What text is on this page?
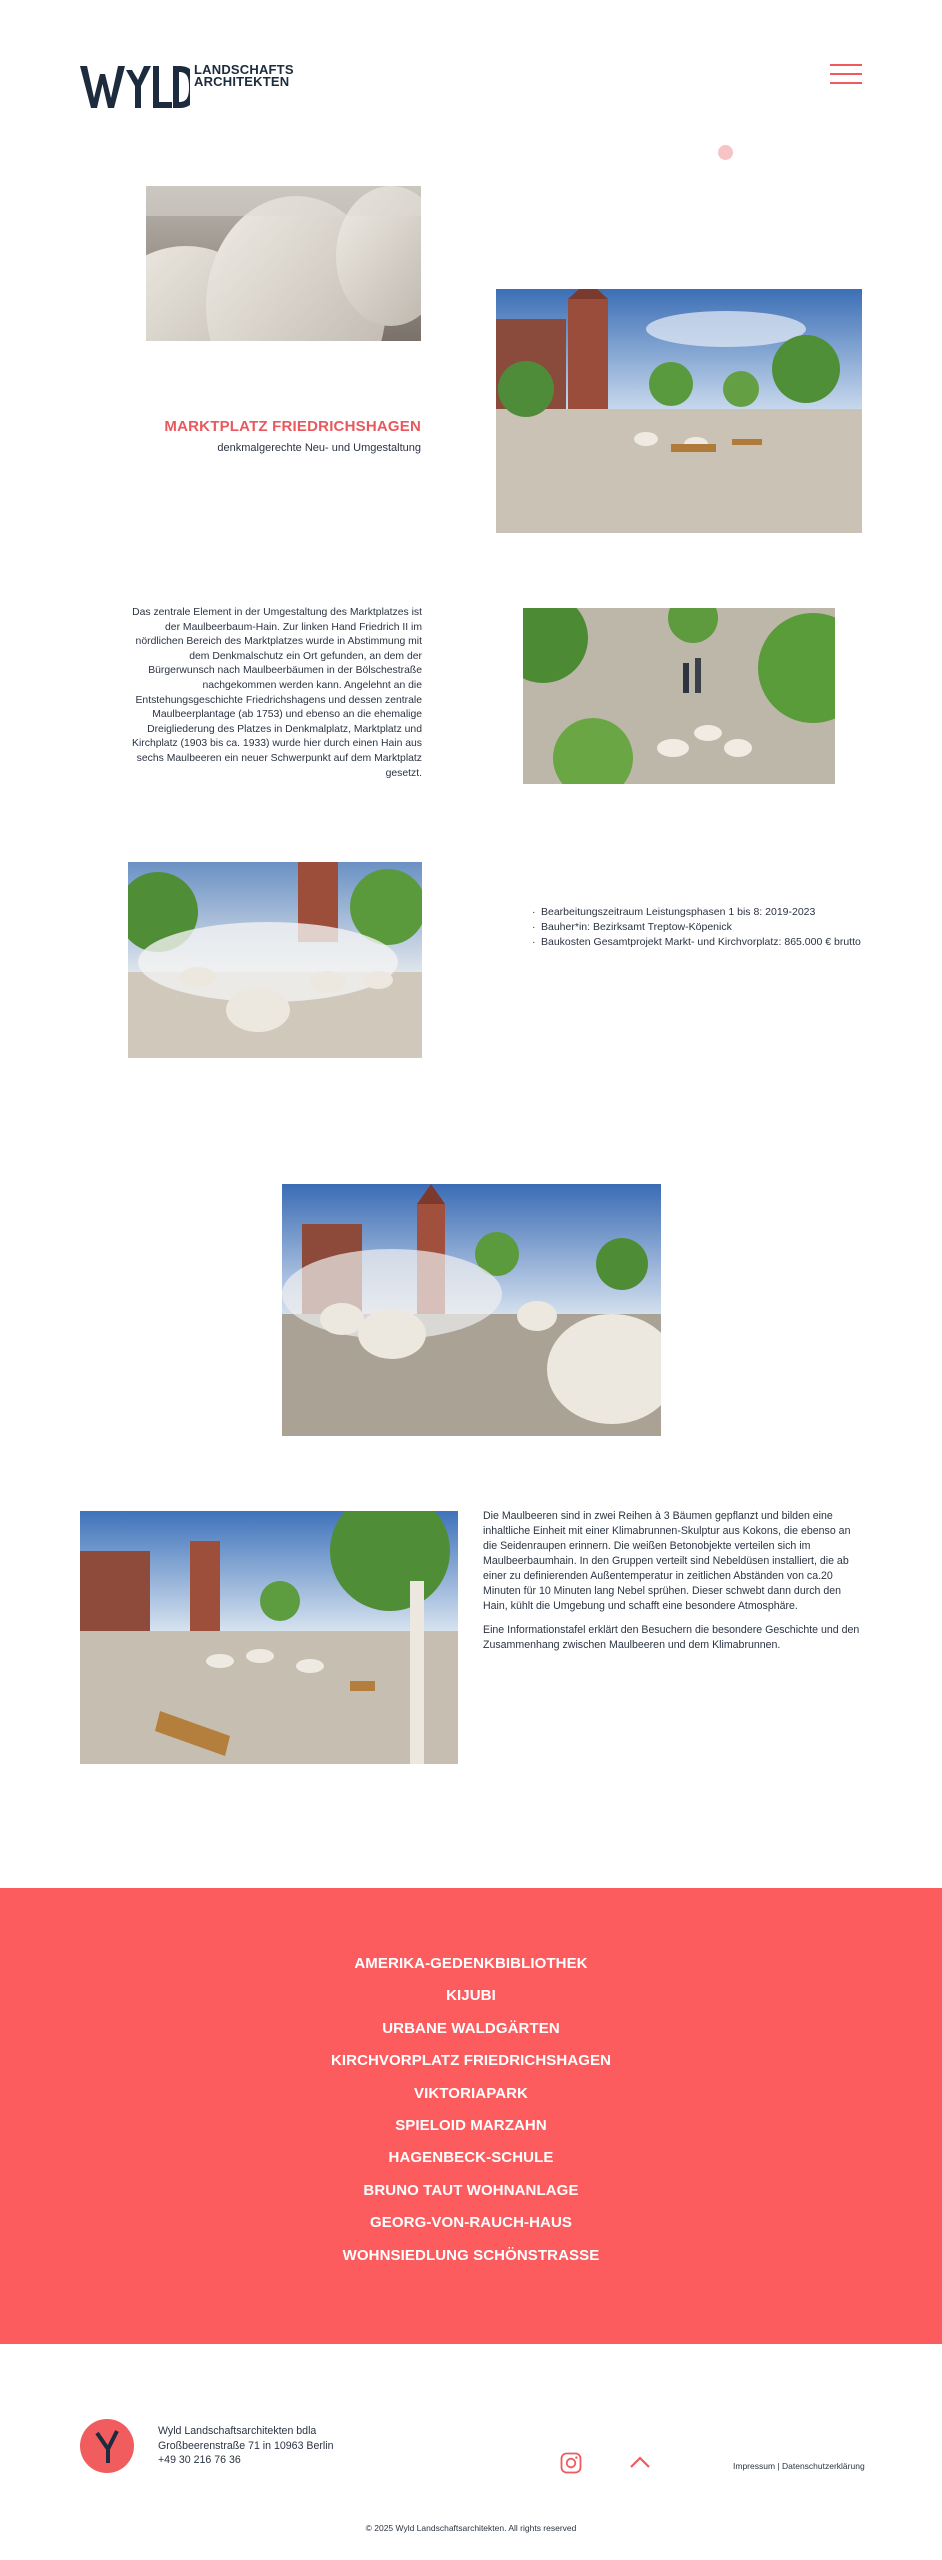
LANDSCHAFTS
ARCHITEKTEN
MARKTPLATZ FRIEDRICHSHAGEN
denkmalgerechte Neu- und Umgestaltung
Das zentrale Element in der Umgestaltung des Marktplatzes ist der Maulbeerbaum-Hain. Zur linken Hand Friedrich II im nördlichen Bereich des Marktplatzes wurde in Abstimmung mit dem Denkmalschutz ein Ort gefunden, an dem der Bürgerwunsch nach Maulbeerbäumen in der Bölschestraße nachgekommen werden kann. Angelehnt an die Entstehungsgeschichte Friedrichshagens und dessen zentrale Maulbeerplantage (ab 1753) und ebenso an die ehemalige Dreigliederung des Platzes in Denkmalplatz, Marktplatz und Kirchplatz (1903 bis ca. 1933) wurde hier durch einen Hain aus sechs Maulbeeren ein neuer Schwerpunkt auf dem Marktplatz gesetzt.
· Bearbeitungszeitraum Leistungsphasen 1 bis 8: 2019-2023
· Bauher*in: Bezirksamt Treptow-Köpenick
· Baukosten Gesamtprojekt Markt- und Kirchvorplatz: 865.000 € brutto

Die Maulbeeren sind in zwei Reihen à 3 Bäumen gepflanzt und bilden eine inhaltliche Einheit mit einer Klimabrunnen-Skulptur aus Kokons, die ebenso an die Seidenraupen erinnern. Die weißen Betonobjekte verteilen sich im Maulbeerbaumhain. In den Gruppen verteilt sind Nebeldüsen installiert, die ab einer zu definierenden Außentemperatur in zeitlichen Abständen von ca.20 Minuten für 10 Minuten lang Nebel sprühen. Dieser schwebt dann durch den Hain, kühlt die Umgebung und schafft eine besondere Atmosphäre.

Eine Informationstafel erklärt den Besuchern die besondere Geschichte und den Zusammenhang zwischen Maulbeeren und dem Klimabrunnen.

AMERIKA-GEDENKBIBLIOTHEK
KIJUBI
URBANE WALDGÄRTEN
KIRCHVORPLATZ FRIEDRICHSHAGEN
VIKTORIAPARK
SPIELOID MARZAHN
HAGENBECK-SCHULE
BRUNO TAUT WOHNANLAGE
GEORG-VON-RAUCH-HAUS
WOHNSIEDLUNG SCHÖNSTRASSE
Wyld Landschaftsarchitekten bdla
Großbeerenstraße 71 in 10963 Berlin
+49 30 216 76 36	Impressum | Datenschutzerklärung
© 2025 Wyld Landschaftsarchitekten. All rights reserved
